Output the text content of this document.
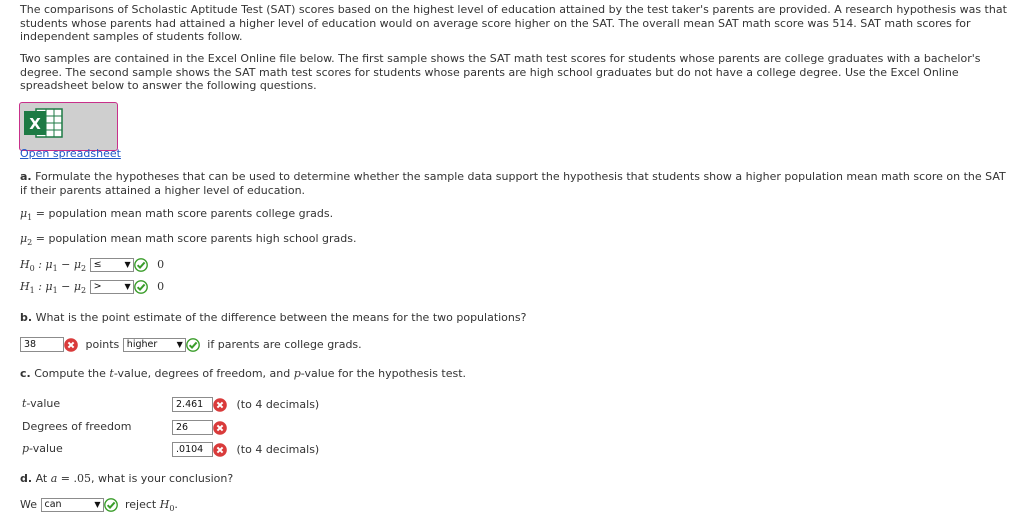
The comparisons of Scholastic Aptitude Test (SAT) scores based on the highest level of education attained by the test taker's parents are provided. A research hypothesis was that students whose parents had attained a higher level of education would on average score higher on the SAT. The overall mean SAT math score was 514. SAT math scores for independent samples of students follow.

Two samples are contained in the Excel Online file below. The first sample shows the SAT math test scores for students whose parents are college graduates with a bachelor's degree. The second sample shows the SAT math test scores for students whose parents are high school graduates but do not have a college degree. Use the Excel Online spreadsheet below to answer the following questions.

X
Open spreadsheet
a. Formulate the hypotheses that can be used to determine whether the sample data support the hypothesis that students show a higher population mean math score on the SAT if their parents attained a higher level of education.
$\mu_1$ = population mean math score parents college grads.
$\mu_2$ = population mean math score parents high school grads.
$H_0$ : $\mu_1 - \mu_2$ ≤	▼ 0
$H_1$ : $\mu_1 - \mu_2$ >	▼ 0
b. What is the point estimate of the difference between the means for the two populations?
38	points higher ▼ if parents are college grads.
c. Compute the t-value, degrees of freedom, and p-value for the hypothesis test.
t-value	2.461	(to 4 decimals)
Degrees of freedom	26
p-value	.0104	(to 4 decimals)
d. At a = .05, what is your conclusion?
We can	▼ reject $H_0$.
